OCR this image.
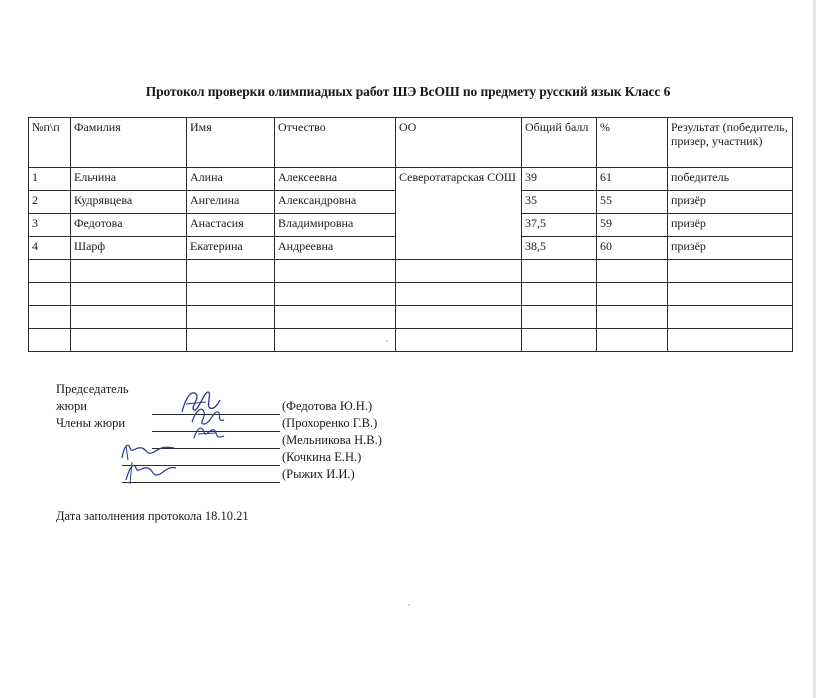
Протокол проверки олимпиадных работ ШЭ ВсОШ по предмету русский язык Класс 6
№п\п	Фамилия	Имя	Отчество	ОО	Общий балл	%	Результат (победитель, призер, участник)
1	Ельчина	Алина	Алексеевна	Северотатарская СОШ	39	61	победитель
2	Кудрявцева	Ангелина	Александровна		35	55	призёр
3	Федотова	Анастасия	Владимировна		37,5	59	призёр
4	Шарф	Екатерина	Андреевна		38,5	60	призёр

Председатель жюри	(Федотова Ю.Н.)
Члены жюри	(Прохоренко Г.В.)
(Мельникова Н.В.)
(Кочкина Е.Н.)
(Рыжих И.И.)
Дата заполнения протокола 18.10.21
